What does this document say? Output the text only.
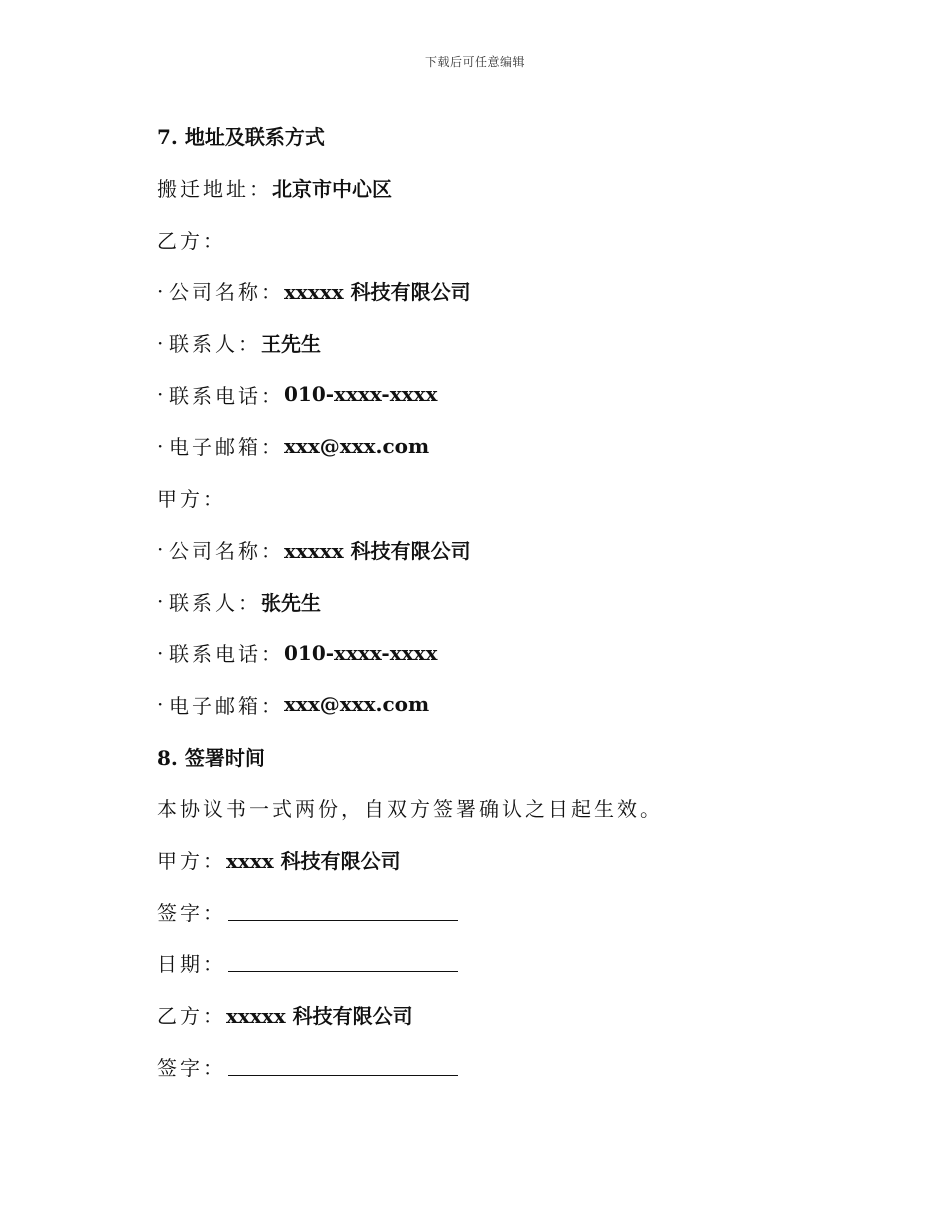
下载后可任意编辑
7. 地址及联系方式
搬迁地址： 北京市中心区
乙方：
· 公司名称： xxxxx 科技有限公司
· 联系人： 王先生
· 联系电话： 010-xxxx-xxxx
· 电子邮箱： xxx@xxx.com
甲方：
· 公司名称： xxxxx 科技有限公司
· 联系人： 张先生
· 联系电话： 010-xxxx-xxxx
· 电子邮箱： xxx@xxx.com
8. 签署时间
本协议书一式两份，自双方签署确认之日起生效。
甲方： xxxx 科技有限公司
签字：
日期：
乙方： xxxxx 科技有限公司
签字：
